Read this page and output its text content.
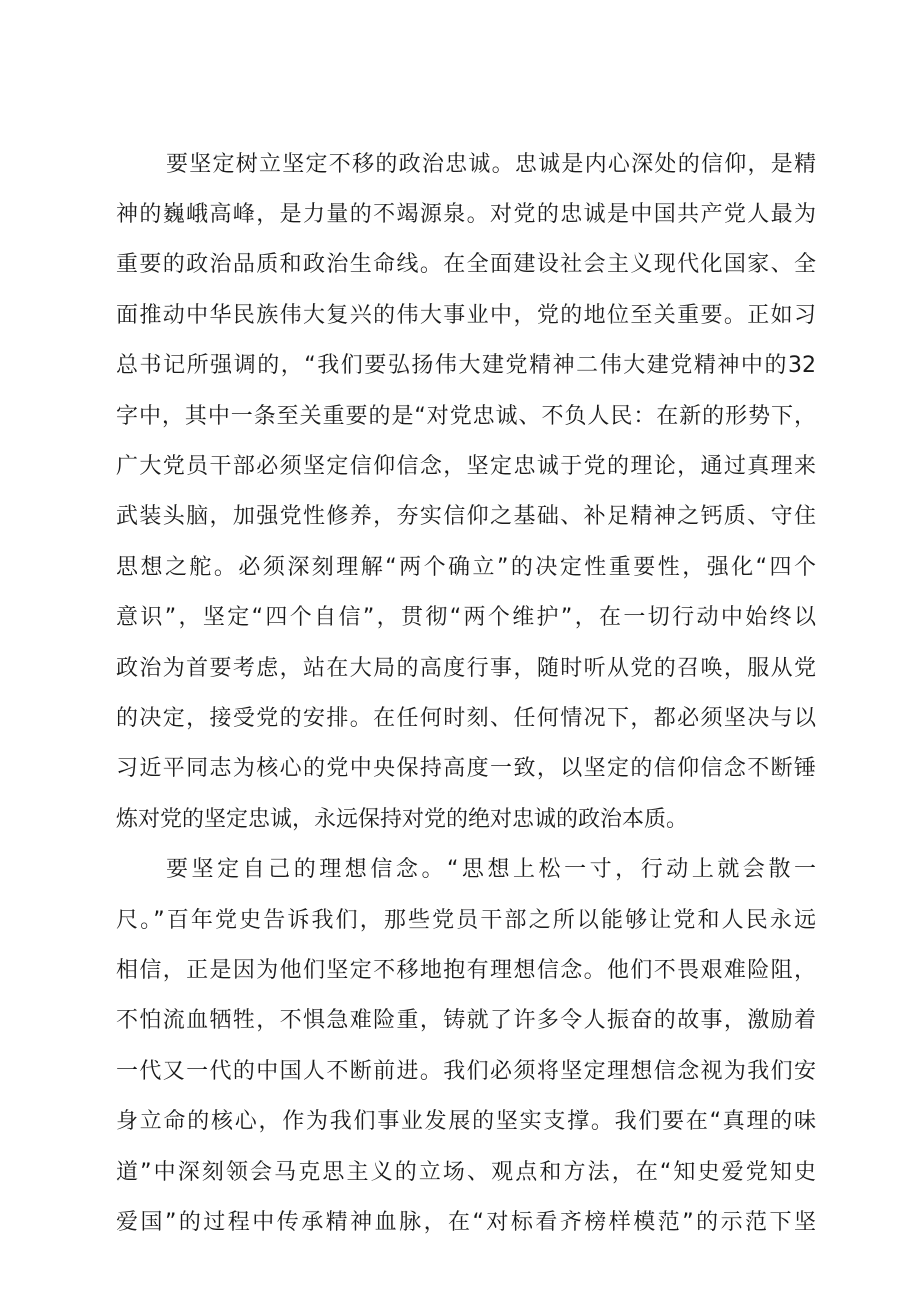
要坚定树立坚定不移的政治忠诚。忠诚是内心深处的信仰，是精
神的巍峨高峰，是力量的不竭源泉。对党的忠诚是中国共产党人最为
重要的政治品质和政治生命线。在全面建设社会主义现代化国家、全
面推动中华民族伟大复兴的伟大事业中，党的地位至关重要。正如习
总书记所强调的，“我们要弘扬伟大建党精神二伟大建党精神中的32
字中，其中一条至关重要的是“对党忠诚、不负人民：在新的形势下，
广大党员干部必须坚定信仰信念，坚定忠诚于党的理论，通过真理来
武装头脑，加强党性修养，夯实信仰之基础、补足精神之钙质、守住
思想之舵。必须深刻理解“两个确立”的决定性重要性，强化“四个
意识”，坚定“四个自信”，贯彻“两个维护”，在一切行动中始终以
政治为首要考虑，站在大局的高度行事，随时听从党的召唤，服从党
的决定，接受党的安排。在任何时刻、任何情况下，都必须坚决与以
习近平同志为核心的党中央保持高度一致，以坚定的信仰信念不断锤
炼对党的坚定忠诚，永远保持对党的绝对忠诚的政治本质。
要坚定自己的理想信念。“思想上松一寸，行动上就会散一
尺。”百年党史告诉我们，那些党员干部之所以能够让党和人民永远
相信，正是因为他们坚定不移地抱有理想信念。他们不畏艰难险阻，
不怕流血牺牲，不惧急难险重，铸就了许多令人振奋的故事，激励着
一代又一代的中国人不断前进。我们必须将坚定理想信念视为我们安
身立命的核心，作为我们事业发展的坚实支撑。我们要在“真理的味
道”中深刻领会马克思主义的立场、观点和方法，在“知史爱党知史
爱国”的过程中传承精神血脉，在“对标看齐榜样模范”的示范下坚
